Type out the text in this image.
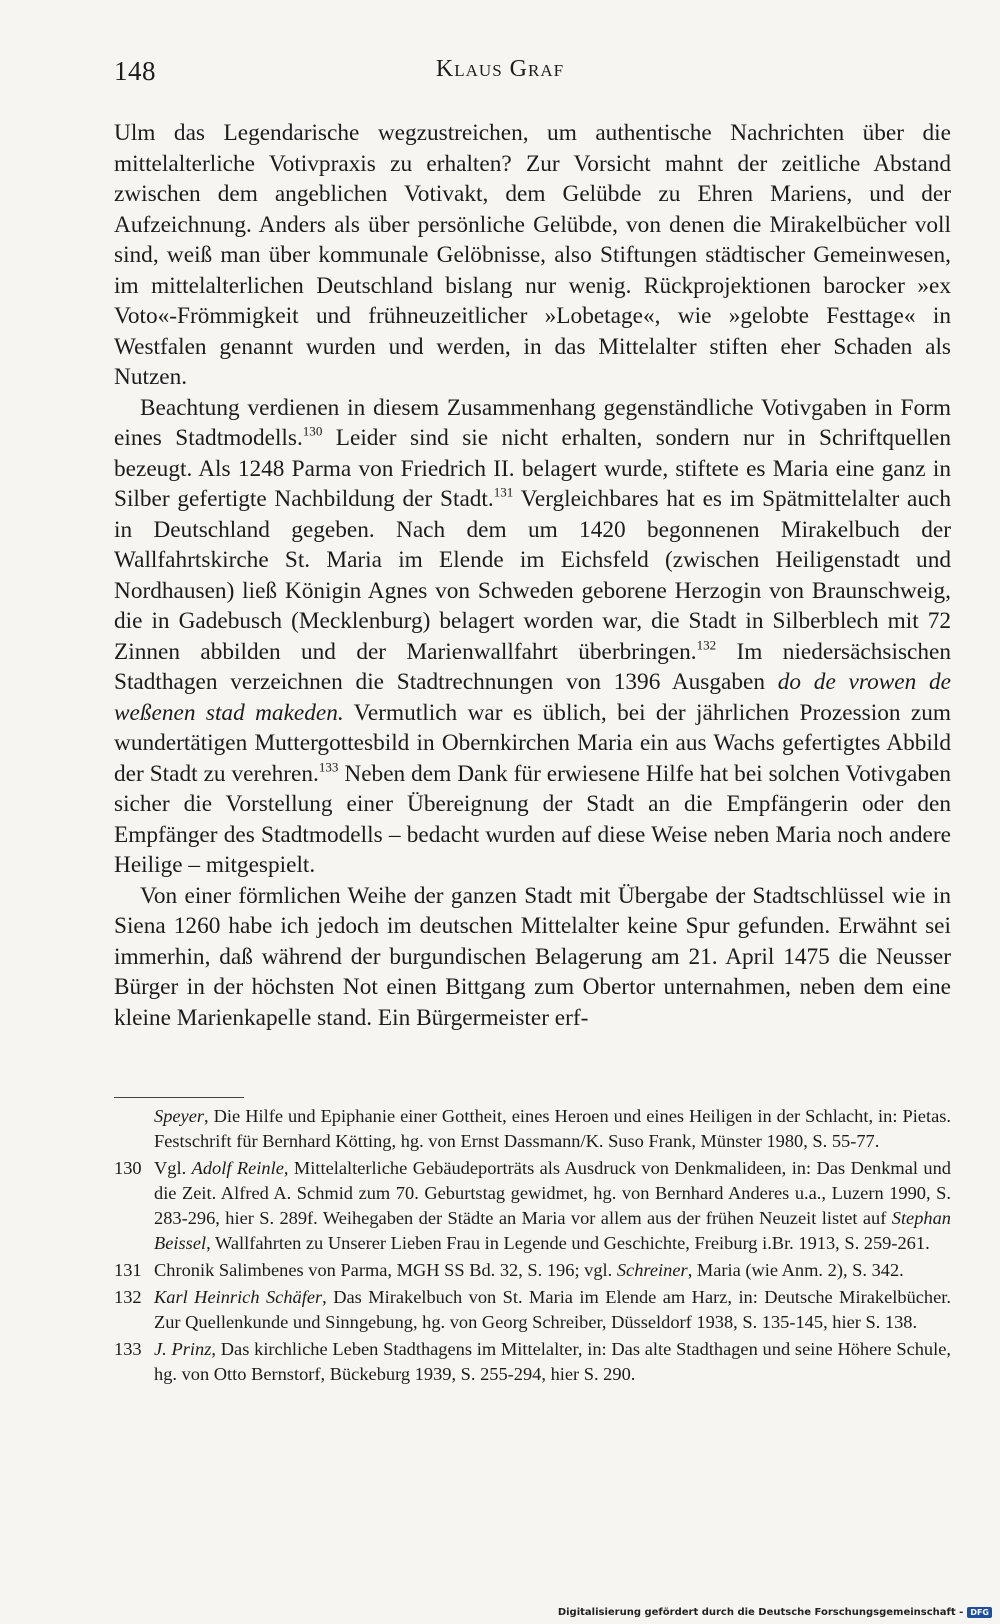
148	Klaus Graf

Ulm das Legendarische wegzustreichen, um authentische Nachrichten über die mittelalterliche Votivpraxis zu erhalten? Zur Vorsicht mahnt der zeitliche Abstand zwischen dem angeblichen Votivakt, dem Gelübde zu Ehren Mariens, und der Aufzeichnung. Anders als über persönliche Gelübde, von denen die Mirakelbücher voll sind, weiß man über kommunale Gelöbnisse, also Stiftungen städtischer Gemeinwesen, im mittelalterlichen Deutschland bislang nur wenig. Rückprojektionen barocker »ex Voto«-Frömmigkeit und frühneuzeitlicher »Lobetage«, wie »gelobte Festtage« in Westfalen genannt wurden und werden, in das Mittelalter stiften eher Schaden als Nutzen.

Beachtung verdienen in diesem Zusammenhang gegenständliche Votivgaben in Form eines Stadtmodells.$^{130}$ Leider sind sie nicht erhalten, sondern nur in Schriftquellen bezeugt. Als 1248 Parma von Friedrich II. belagert wurde, stiftete es Maria eine ganz in Silber gefertigte Nachbildung der Stadt.$^{131}$ Vergleichbares hat es im Spätmittelalter auch in Deutschland gegeben. Nach dem um 1420 begonnenen Mirakelbuch der Wallfahrtskirche St. Maria im Elende im Eichsfeld (zwischen Heiligenstadt und Nordhausen) ließ Königin Agnes von Schweden geborene Herzogin von Braunschweig, die in Gadebusch (Mecklenburg) belagert worden war, die Stadt in Silberblech mit 72 Zinnen abbilden und der Marienwallfahrt überbringen.$^{132}$ Im niedersächsischen Stadthagen verzeichnen die Stadtrechnungen von 1396 Ausgaben do de vrowen de weßenen stad makeden. Vermutlich war es üblich, bei der jährlichen Prozession zum wundertätigen Muttergottesbild in Obernkirchen Maria ein aus Wachs gefertigtes Abbild der Stadt zu verehren.$^{133}$ Neben dem Dank für erwiesene Hilfe hat bei solchen Votivgaben sicher die Vorstellung einer Übereignung der Stadt an die Empfängerin oder den Empfänger des Stadtmodells – bedacht wurden auf diese Weise neben Maria noch andere Heilige – mitgespielt.

Von einer förmlichen Weihe der ganzen Stadt mit Übergabe der Stadtschlüssel wie in Siena 1260 habe ich jedoch im deutschen Mittelalter keine Spur gefunden. Erwähnt sei immerhin, daß während der burgundischen Belagerung am 21. April 1475 die Neusser Bürger in der höchsten Not einen Bittgang zum Obertor unternahmen, neben dem eine kleine Marienkapelle stand. Ein Bürgermeister erf-

Speyer, Die Hilfe und Epiphanie einer Gottheit, eines Heroen und eines Heiligen in der Schlacht, in: Pietas. Festschrift für Bernhard Kötting, hg. von Ernst Dassmann/K. Suso Frank, Münster 1980, S. 55-77.
130 Vgl. Adolf Reinle, Mittelalterliche Gebäudeporträts als Ausdruck von Denkmalideen, in: Das Denkmal und die Zeit. Alfred A. Schmid zum 70. Geburtstag gewidmet, hg. von Bernhard Anderes u.a., Luzern 1990, S. 283-296, hier S. 289f. Weihegaben der Städte an Maria vor allem aus der frühen Neuzeit listet auf Stephan Beissel, Wallfahrten zu Unserer Lieben Frau in Legende und Geschichte, Freiburg i.Br. 1913, S. 259-261.
131 Chronik Salimbenes von Parma, MGH SS Bd. 32, S. 196; vgl. Schreiner, Maria (wie Anm. 2), S. 342.
132 Karl Heinrich Schäfer, Das Mirakelbuch von St. Maria im Elende am Harz, in: Deutsche Mirakelbücher. Zur Quellenkunde und Sinngebung, hg. von Georg Schreiber, Düsseldorf 1938, S. 135-145, hier S. 138.
133 J. Prinz, Das kirchliche Leben Stadthagens im Mittelalter, in: Das alte Stadthagen und seine Höhere Schule, hg. von Otto Bernstorf, Bückeburg 1939, S. 255-294, hier S. 290.
Digitalisierung gefördert durch die Deutsche Forschungsgemeinschaft - DFG
